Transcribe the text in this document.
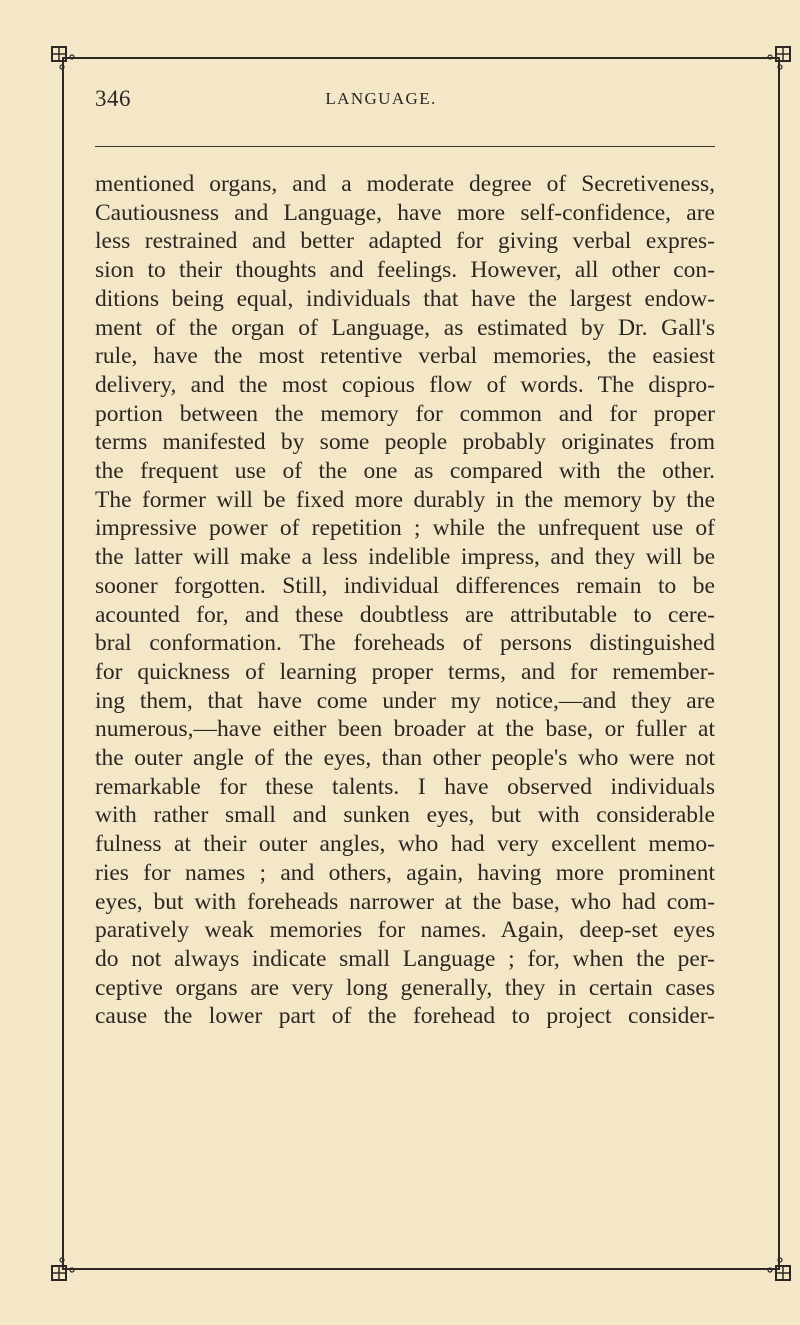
346	LANGUAGE.
mentioned organs, and a moderate degree of Secretiveness,
Cautiousness and Language, have more self-confidence, are
less restrained and better adapted for giving verbal expres-
sion to their thoughts and feelings. However, all other con-
ditions being equal, individuals that have the largest endow-
ment of the organ of Language, as estimated by Dr. Gall's
rule, have the most retentive verbal memories, the easiest
delivery, and the most copious flow of words. The dispro-
portion between the memory for common and for proper
terms manifested by some people probably originates from
the frequent use of the one as compared with the other.
The former will be fixed more durably in the memory by the
impressive power of repetition ; while the unfrequent use of
the latter will make a less indelible impress, and they will be
sooner forgotten. Still, individual differences remain to be
acounted for, and these doubtless are attributable to cere-
bral conformation. The foreheads of persons distinguished
for quickness of learning proper terms, and for remember-
ing them, that have come under my notice,—and they are
numerous,—have either been broader at the base, or fuller at
the outer angle of the eyes, than other people's who were not
remarkable for these talents. I have observed individuals
with rather small and sunken eyes, but with considerable
fulness at their outer angles, who had very excellent memo-
ries for names ; and others, again, having more prominent
eyes, but with foreheads narrower at the base, who had com-
paratively weak memories for names. Again, deep-set eyes
do not always indicate small Language ; for, when the per-
ceptive organs are very long generally, they in certain cases
cause the lower part of the forehead to project consider-
